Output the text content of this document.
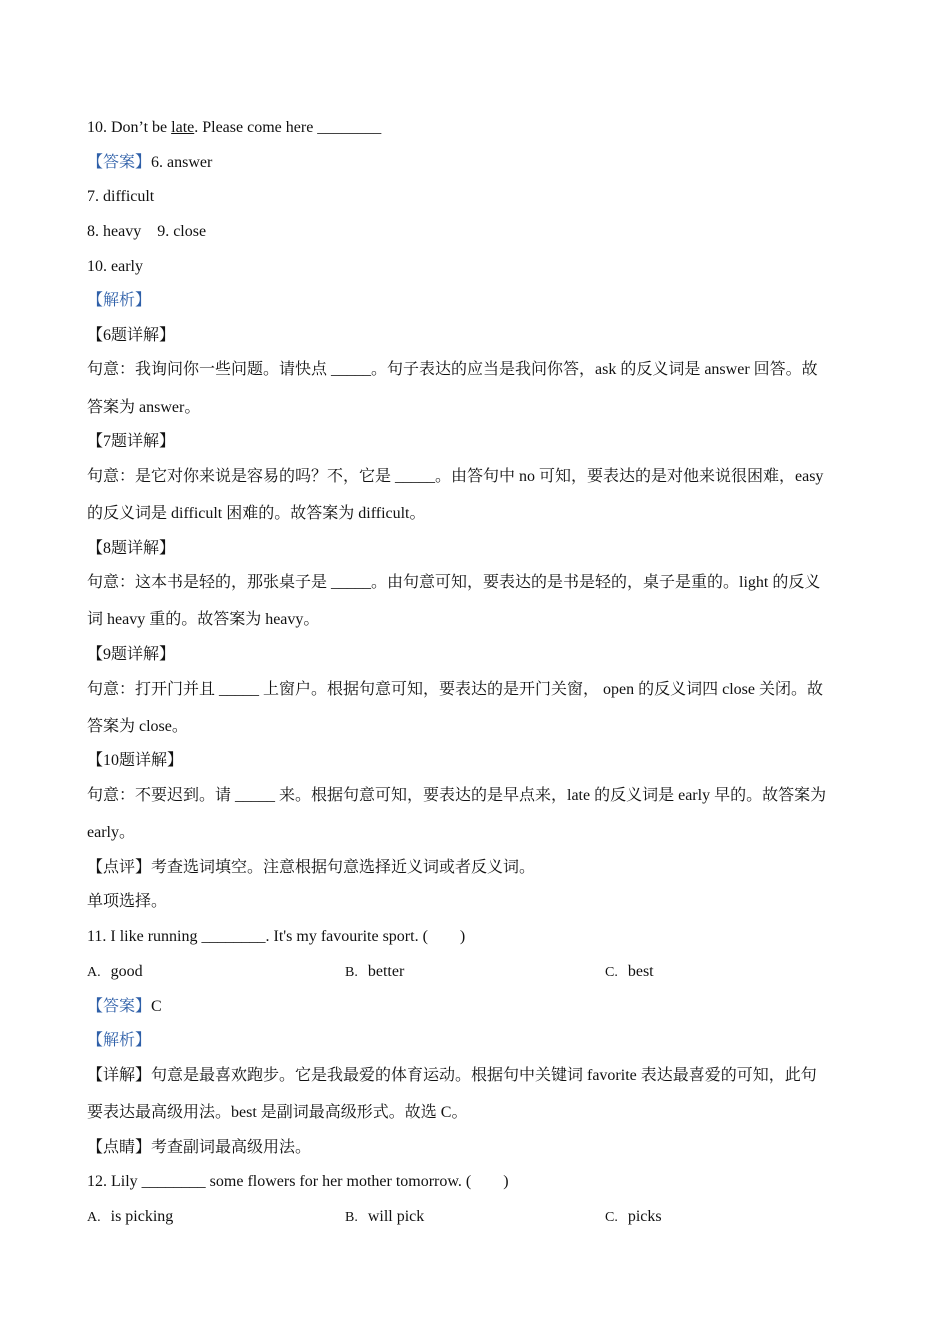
10. Don’t be late. Please come here ________
【答案】6. answer
7. difficult
8. heavy 9. close
10. early
【解析】
【6题详解】
句意：我询问你一些问题。请快点 _____。句子表达的应当是我问你答，ask 的反义词是 answer 回答。故
答案为 answer。
【7题详解】
句意：是它对你来说是容易的吗？不，它是 _____。由答句中 no 可知，要表达的是对他来说很困难，easy
的反义词是 difficult 困难的。故答案为 difficult。
【8题详解】
句意：这本书是轻的，那张桌子是 _____。由句意可知，要表达的是书是轻的，桌子是重的。light 的反义
词 heavy 重的。故答案为 heavy。
【9题详解】
句意：打开门并且 _____ 上窗户。根据句意可知，要表达的是开门关窗， open 的反义词四 close 关闭。故
答案为 close。
【10题详解】
句意：不要迟到。请 _____ 来。根据句意可知，要表达的是早点来，late 的反义词是 early 早的。故答案为
early。
【点评】考查选词填空。注意根据句意选择近义词或者反义词。
单项选择。
11. I like running ________. It's my favourite sport. (        )
A. good	B. better	C. best
【答案】C
【解析】
【详解】句意是最喜欢跑步。它是我最爱的体育运动。根据句中关键词 favorite 表达最喜爱的可知，此句
要表达最高级用法。best 是副词最高级形式。故选 C。
【点睛】考查副词最高级用法。
12. Lily ________ some flowers for her mother tomorrow. (        )
A. is picking	B. will pick	C. picks
